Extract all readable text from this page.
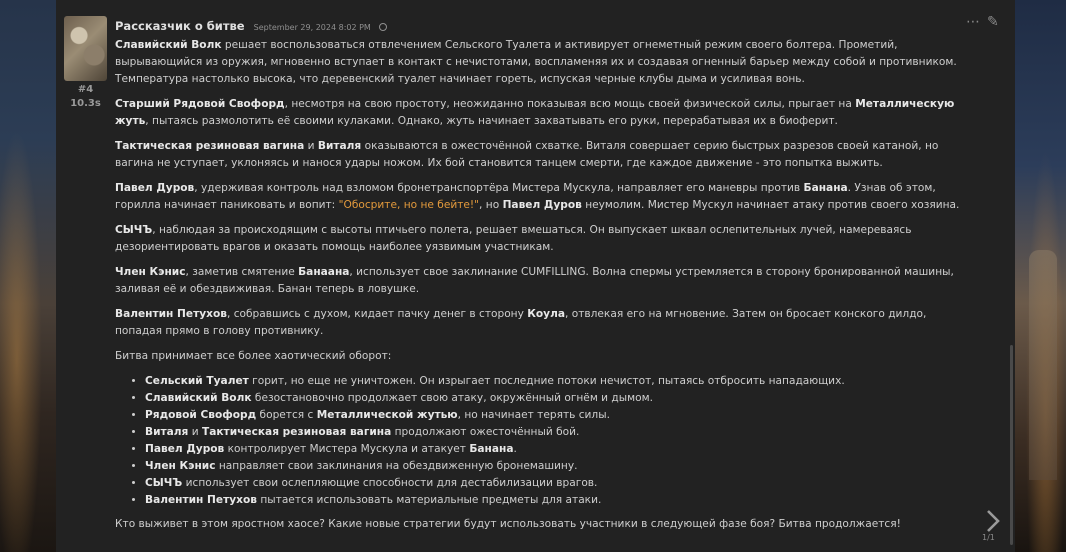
#4
10.3s
Рассказчик о битве September 29, 2024 8:02 PM	⋯ ✎

Славийский Волк решает воспользоваться отвлечением Сельского Туалета и активирует огнеметный режим своего болтера. Прометий, вырывающийся из оружия, мгновенно вступает в контакт с нечистотами, воспламеняя их и создавая огненный барьер между собой и противником. Температура настолько высока, что деревенский туалет начинает гореть, испуская черные клубы дыма и усиливая вонь.

Старший Рядовой Свофорд, несмотря на свою простоту, неожиданно показывая всю мощь своей физической силы, прыгает на Металлическую жуть, пытаясь размолотить её своими кулаками. Однако, жуть начинает захватывать его руки, перерабатывая их в биоферит.

Тактическая резиновая вагина и Виталя оказываются в ожесточённой схватке. Виталя совершает серию быстрых разрезов своей катаной, но вагина не уступает, уклоняясь и нанося удары ножом. Их бой становится танцем смерти, где каждое движение - это попытка выжить.

Павел Дуров, удерживая контроль над взломом бронетранспортёра Мистера Мускула, направляет его маневры против Банана. Узнав об этом, горилла начинает паниковать и вопит: "Обосрите, но не бейте!", но Павел Дуров неумолим. Мистер Мускул начинает атаку против своего хозяина.

СЫЧЪ, наблюдая за происходящим с высоты птичьего полета, решает вмешаться. Он выпускает шквал ослепительных лучей, намереваясь дезориентировать врагов и оказать помощь наиболее уязвимым участникам.

Член Кэнис, заметив смятение Банаана, использует свое заклинание CUMFILLING. Волна спермы устремляется в сторону бронированной машины, заливая её и обездвиживая. Банан теперь в ловушке.

Валентин Петухов, собравшись с духом, кидает пачку денег в сторону Коула, отвлекая его на мгновение. Затем он бросает конского дилдо, попадая прямо в голову противнику.

Битва принимает все более хаотический оборот:

• Сельский Туалет горит, но еще не уничтожен. Он изрыгает последние потоки нечистот, пытаясь отбросить нападающих.
• Славийский Волк безостановочно продолжает свою атаку, окружённый огнём и дымом.
• Рядовой Свофорд борется с Металлической жутью, но начинает терять силы.
• Виталя и Тактическая резиновая вагина продолжают ожесточённый бой.
• Павел Дуров контролирует Мистера Мускула и атакует Банана.
• Член Кэнис направляет свои заклинания на обездвиженную бронемашину.
• СЫЧЪ использует свои ослепляющие способности для дестабилизации врагов.
• Валентин Петухов пытается использовать материальные предметы для атаки.

Кто выживет в этом яростном хаосе? Какие новые стратегии будут использовать участники в следующей фазе боя? Битва продолжается!

1/1
